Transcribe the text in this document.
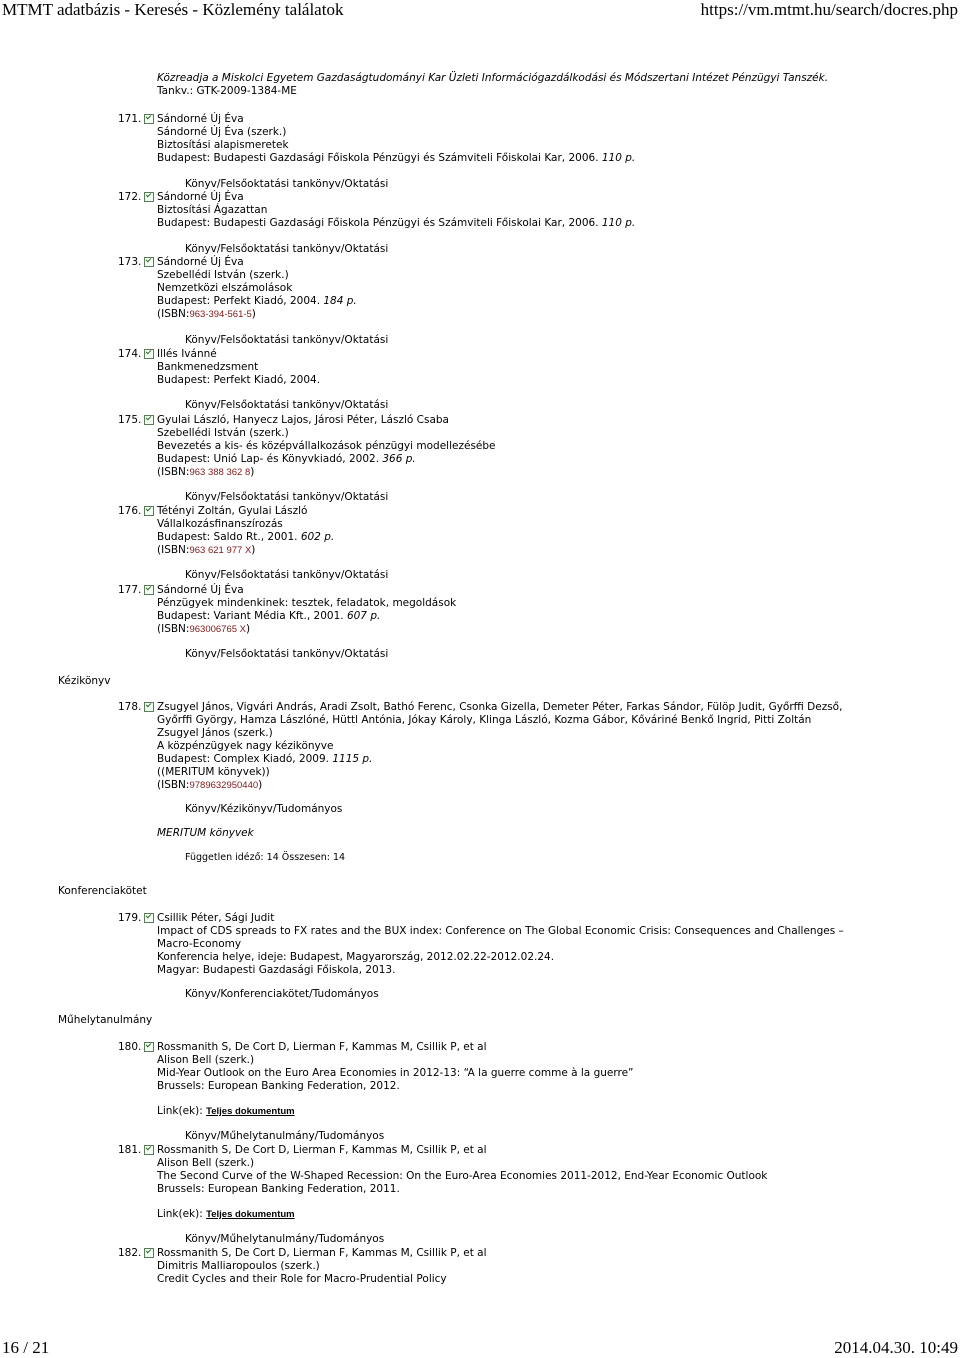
MTMT adatbázis - Keresés - Közlemény találatok	https://vm.mtmt.hu/search/docres.php
Közreadja a Miskolci Egyetem Gazdaságtudományi Kar Üzleti Információgazdálkodási és Módszertani Intézet Pénzügyi Tanszék.
Tankv.: GTK-2009-1384-ME
171. Sándorné Új Éva
Sándorné Új Éva (szerk.)
Biztosítási alapismeretek
Budapest: Budapesti Gazdasági Főiskola Pénzügyi és Számviteli Főiskolai Kar, 2006. 110 p.
Könyv/Felsőoktatási tankönyv/Oktatási
172. Sándorné Új Éva
Biztosítási Ágazattan
Budapest: Budapesti Gazdasági Főiskola Pénzügyi és Számviteli Főiskolai Kar, 2006. 110 p.
Könyv/Felsőoktatási tankönyv/Oktatási
173. Sándorné Új Éva
Szebellédi István (szerk.)
Nemzetközi elszámolások
Budapest: Perfekt Kiadó, 2004. 184 p.
(ISBN:963-394-561-5)
Könyv/Felsőoktatási tankönyv/Oktatási
174. Illés Ivánné
Bankmenedzsment
Budapest: Perfekt Kiadó, 2004.
Könyv/Felsőoktatási tankönyv/Oktatási
175. Gyulai László, Hanyecz Lajos, Járosi Péter, László Csaba
Szebellédi István (szerk.)
Bevezetés a kis- és középvállalkozások pénzügyi modellezésébe
Budapest: Unió Lap- és Könyvkiadó, 2002. 366 p.
(ISBN:963 388 362 8)
Könyv/Felsőoktatási tankönyv/Oktatási
176. Tétényi Zoltán, Gyulai László
Vállalkozásfinanszírozás
Budapest: Saldo Rt., 2001. 602 p.
(ISBN:963 621 977 X)
Könyv/Felsőoktatási tankönyv/Oktatási
177. Sándorné Új Éva
Pénzügyek mindenkinek: tesztek, feladatok, megoldások
Budapest: Variant Média Kft., 2001. 607 p.
(ISBN:963006765 X)
Könyv/Felsőoktatási tankönyv/Oktatási
Kézikönyv
178. Zsugyel János, Vigvári András, Aradi Zsolt, Bathó Ferenc, Csonka Gizella, Demeter Péter, Farkas Sándor, Fülöp Judit, Győrffi Dezső,
Győrffi György, Hamza Lászlóné, Hüttl Antónia, Jókay Károly, Klinga László, Kozma Gábor, Kőváriné Benkő Ingrid, Pitti Zoltán
Zsugyel János (szerk.)
A közpénzügyek nagy kézikönyve
Budapest: Complex Kiadó, 2009. 1115 p.
((MERITUM könyvek))
(ISBN:9789632950440)
Könyv/Kézikönyv/Tudományos
MERITUM könyvek
Független idéző: 14 Összesen: 14
Konferenciakötet
179. Csillik Péter, Sági Judit
Impact of CDS spreads to FX rates and the BUX index: Conference on The Global Economic Crisis: Consequences and Challenges –
Macro-Economy
Konferencia helye, ideje: Budapest, Magyarország, 2012.02.22-2012.02.24.
Magyar: Budapesti Gazdasági Főiskola, 2013.
Könyv/Konferenciakötet/Tudományos
Műhelytanulmány
180. Rossmanith S, De Cort D, Lierman F, Kammas M, Csillik P, et al
Alison Bell (szerk.)
Mid-Year Outlook on the Euro Area Economies in 2012-13: “A la guerre comme à la guerre”
Brussels: European Banking Federation, 2012.
Link(ek): Teljes dokumentum
Könyv/Műhelytanulmány/Tudományos
181. Rossmanith S, De Cort D, Lierman F, Kammas M, Csillik P, et al
Alison Bell (szerk.)
The Second Curve of the W-Shaped Recession: On the Euro-Area Economies 2011-2012, End-Year Economic Outlook
Brussels: European Banking Federation, 2011.
Link(ek): Teljes dokumentum
Könyv/Műhelytanulmány/Tudományos
182. Rossmanith S, De Cort D, Lierman F, Kammas M, Csillik P, et al
Dimitris Malliaropoulos (szerk.)
Credit Cycles and their Role for Macro-Prudential Policy
16 / 21	2014.04.30. 10:49
